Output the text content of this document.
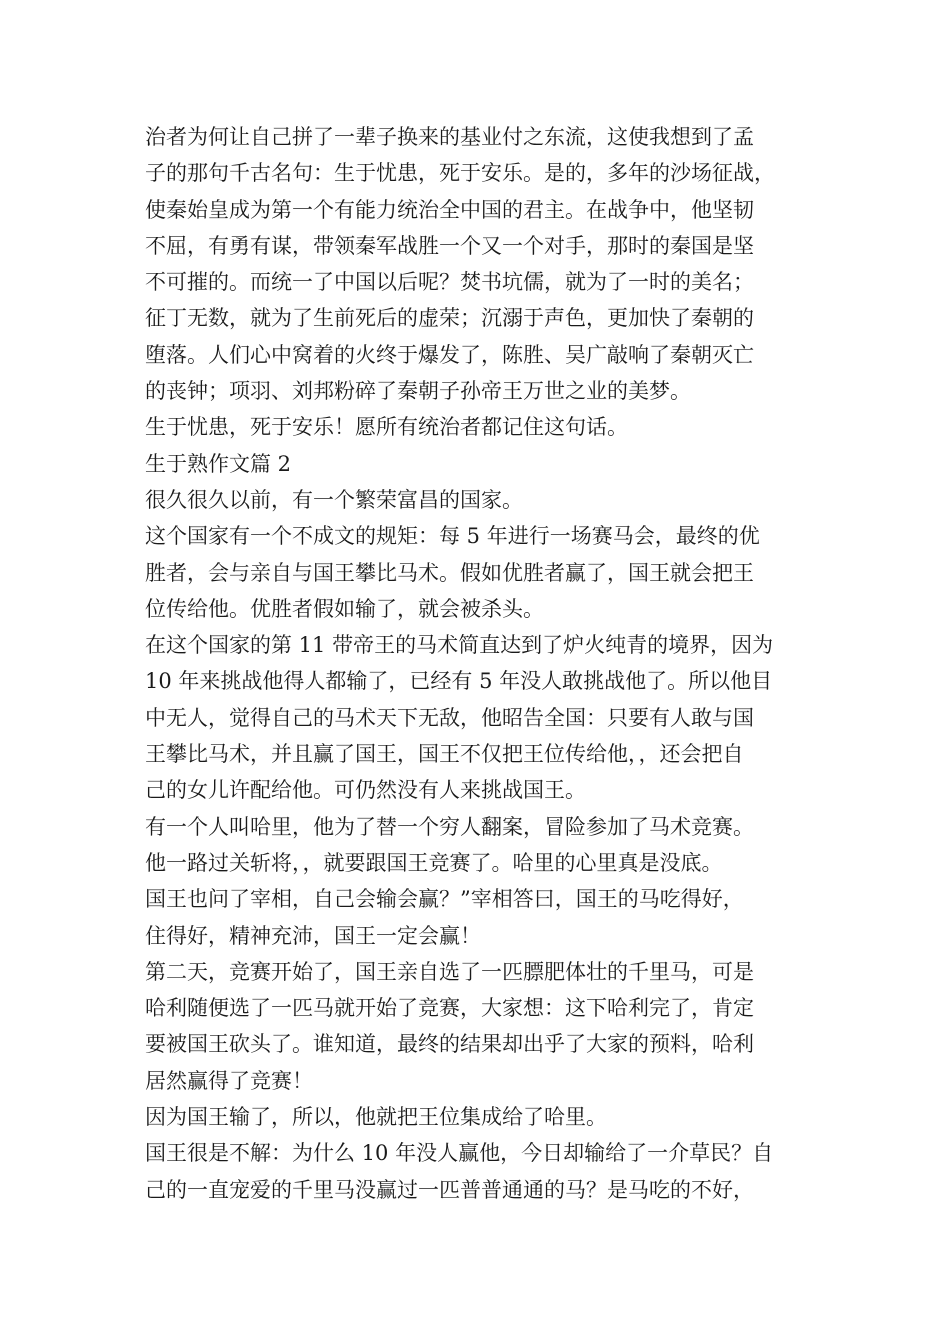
治者为何让自己拼了一辈子换来的基业付之东流，这使我想到了孟
子的那句千古名句：生于忧患，死于安乐。是的，多年的沙场征战，
使秦始皇成为第一个有能力统治全中国的君主。在战争中，他坚韧
不屈，有勇有谋，带领秦军战胜一个又一个对手，那时的秦国是坚
不可摧的。而统一了中国以后呢？焚书坑儒，就为了一时的美名；
征丁无数，就为了生前死后的虚荣；沉溺于声色，更加快了秦朝的
堕落。人们心中窝着的火终于爆发了，陈胜、吴广敲响了秦朝灭亡
的丧钟；项羽、刘邦粉碎了秦朝子孙帝王万世之业的美梦。

生于忧患，死于安乐！愿所有统治者都记住这句话。

生于熟作文篇 2

很久很久以前，有一个繁荣富昌的国家。

这个国家有一个不成文的规矩：每 5 年进行一场赛马会，最终的优
胜者，会与亲自与国王攀比马术。假如优胜者赢了，国王就会把王
位传给他。优胜者假如输了，就会被杀头。

在这个国家的第 11 带帝王的马术简直达到了炉火纯青的境界，因为
10 年来挑战他得人都输了，已经有 5 年没人敢挑战他了。所以他目
中无人，觉得自己的马术天下无敌，他昭告全国：只要有人敢与国
王攀比马术，并且赢了国王，国王不仅把王位传给他，，还会把自
己的女儿许配给他。可仍然没有人来挑战国王。

有一个人叫哈里，他为了替一个穷人翻案，冒险参加了马术竞赛。

他一路过关斩将，，就要跟国王竞赛了。哈里的心里真是没底。

国王也问了宰相，自己会输会赢？”宰相答曰，国王的马吃得好，
住得好，精神充沛，国王一定会赢！

第二天，竞赛开始了，国王亲自选了一匹膘肥体壮的千里马，可是
哈利随便选了一匹马就开始了竞赛，大家想：这下哈利完了，肯定
要被国王砍头了。谁知道，最终的结果却出乎了大家的预料，哈利
居然赢得了竞赛！

因为国王输了，所以，他就把王位集成给了哈里。

国王很是不解：为什么 10 年没人赢他，今日却输给了一介草民？自
己的一直宠爱的千里马没赢过一匹普普通通的马？是马吃的不好，
